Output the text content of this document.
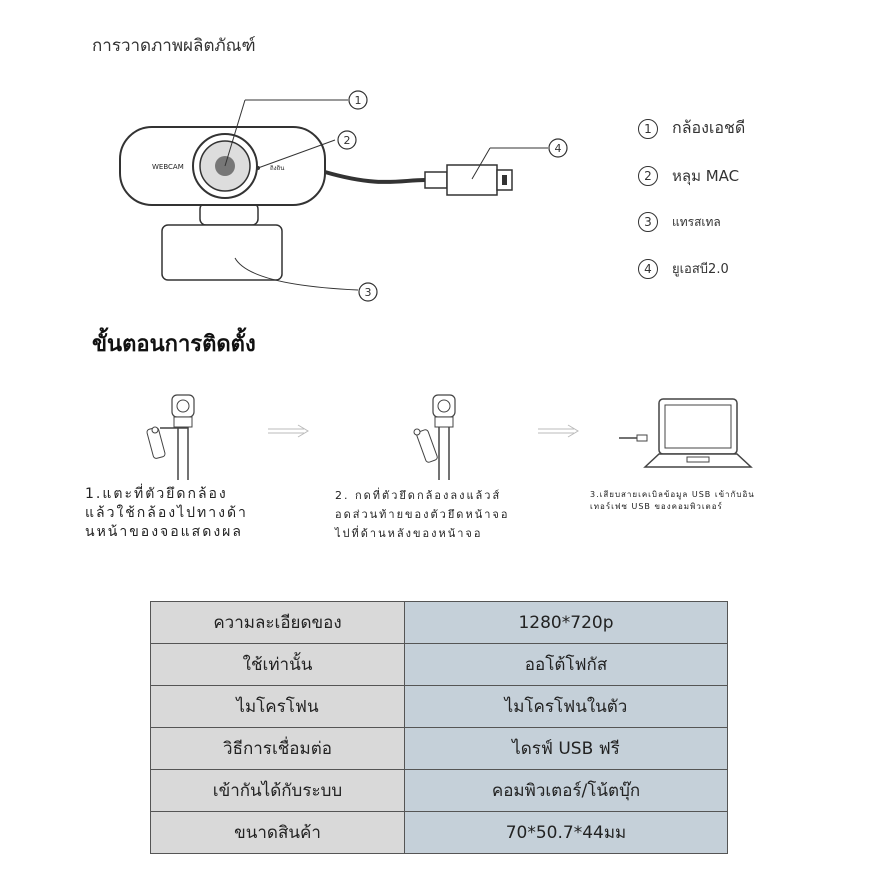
การวาดภาพผลิตภัณฑ์
1
2
3
4
WEBCAM	ถิงถิน
1	กล้องเอชดี
2	หลุม MAC
3	แทรสเทล
4	ยูเอสบี2.0
ขั้นตอนการติดตั้ง
1.แตะที่ตัวยึดกล้อง
แล้วใช้กล้องไปทางด้า
นหน้าของจอแสดงผล
2. กดที่ตัวยึดกล้องลงแล้วส์
อดส่วนท้ายของตัวยึดหน้าจอ
ไปที่ด้านหลังของหน้าจอ
3.เสียบสายเคเบิลข้อมูล USB เข้ากับอิน
เทอร์เฟซ USB ของคอมพิวเตอร์
ความละเอียดของ	1280*720p
ใช้เท่านั้น	ออโต้โฟกัส
ไมโครโฟน	ไมโครโฟนในตัว
วิธีการเชื่อมต่อ	ไดรฟ์ USB ฟรี
เข้ากันได้กับระบบ	คอมพิวเตอร์/โน้ตบุ๊ก
ขนาดสินค้า	70*50.7*44มม
